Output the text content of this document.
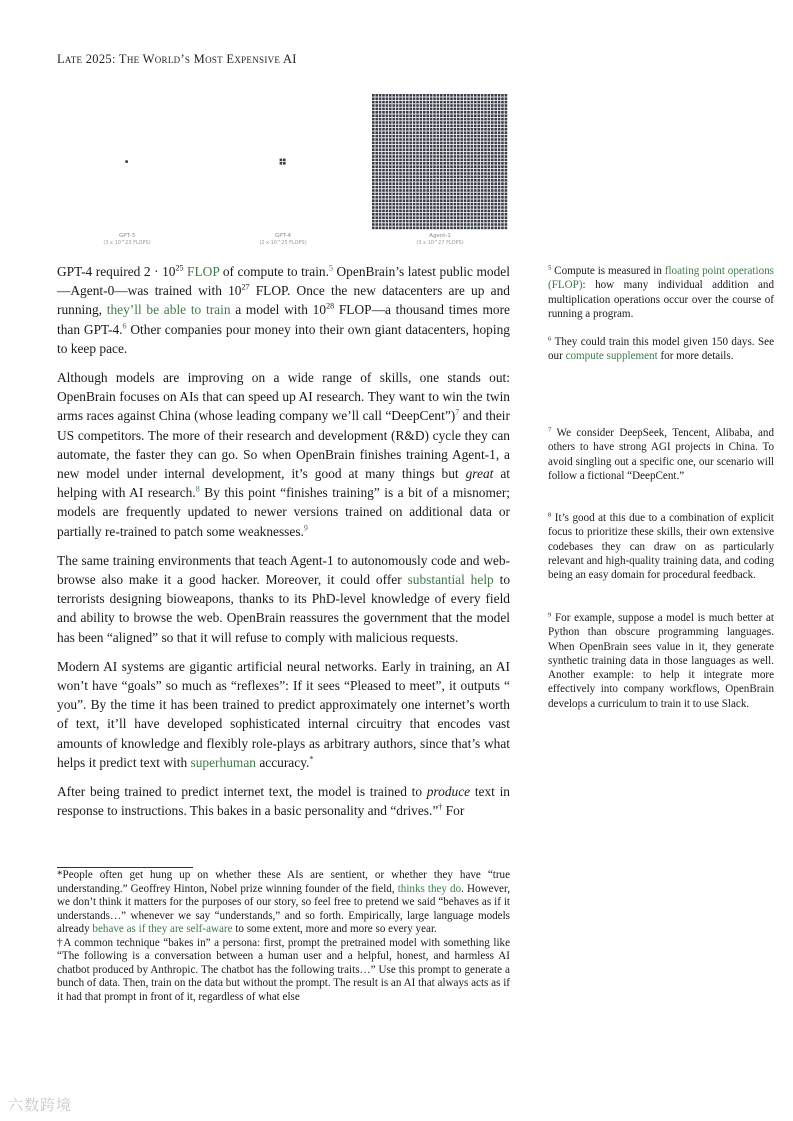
Late 2025: The World’s Most Expensive AI
GPT-3
(3 x 10^23 FLOPS)
GPT-4
(2 x 10^25 FLOPS)
Agent-1
(3 x 10^27 FLOPS)

GPT-4 required 2 · 10$^{25}$ FLOP of compute to train.$^5$ OpenBrain’s latest public model—Agent-0—was trained with 10$^{27}$ FLOP. Once the new datacenters are up and running, they’ll be able to train a model with 10$^{28}$ FLOP—a thousand times more than GPT-4.$^6$ Other companies pour money into their own giant datacenters, hoping to keep pace.

Although models are improving on a wide range of skills, one stands out: OpenBrain focuses on AIs that can speed up AI research. They want to win the twin arms races against China (whose leading company we’ll call “DeepCent”)$^7$ and their US competitors. The more of their research and development (R&D) cycle they can automate, the faster they can go. So when OpenBrain finishes training Agent-1, a new model under internal development, it’s good at many things but great at helping with AI research.$^8$ By this point “finishes training” is a bit of a misnomer; models are frequently updated to newer versions trained on additional data or partially re-trained to patch some weaknesses.$^9$

The same training environments that teach Agent-1 to autonomously code and web-browse also make it a good hacker. Moreover, it could offer substantial help to terrorists designing bioweapons, thanks to its PhD-level knowledge of every field and ability to browse the web. OpenBrain reassures the government that the model has been “aligned” so that it will refuse to comply with malicious requests.

Modern AI systems are gigantic artificial neural networks. Early in training, an AI won’t have “goals” so much as “reflexes”: If it sees “Pleased to meet”, it outputs “ you”. By the time it has been trained to predict approximately one internet’s worth of text, it’ll have developed sophisticated internal circuitry that encodes vast amounts of knowledge and flexibly role-plays as arbitrary authors, since that’s what helps it predict text with superhuman accuracy.*

After being trained to predict internet text, the model is trained to produce text in response to instructions. This bakes in a basic personality and “drives.”† For

$^5$ Compute is measured in floating point operations (FLOP): how many individual addition and multiplication operations occur over the course of running a program.
$^6$ They could train this model given 150 days. See our compute supplement for more details.
$^7$ We consider DeepSeek, Tencent, Alibaba, and others to have strong AGI projects in China. To avoid singling out a specific one, our scenario will follow a fictional “DeepCent.”
$^8$ It’s good at this due to a combination of explicit focus to prioritize these skills, their own extensive codebases they can draw on as particularly relevant and high-quality training data, and coding being an easy domain for procedural feedback.
$^9$ For example, suppose a model is much better at Python than obscure programming languages. When OpenBrain sees value in it, they generate synthetic training data in those languages as well. Another example: to help it integrate more effectively into company workflows, OpenBrain develops a curriculum to train it to use Slack.

*People often get hung up on whether these AIs are sentient, or whether they have “true understanding.” Geoffrey Hinton, Nobel prize winning founder of the field, thinks they do. However, we don’t think it matters for the purposes of our story, so feel free to pretend we said “behaves as if it understands…” whenever we say “understands,” and so forth. Empirically, large language models already behave as if they are self-aware to some extent, more and more so every year.

†A common technique “bakes in” a persona: first, prompt the pretrained model with something like “The following is a conversation between a human user and a helpful, honest, and harmless AI chatbot produced by Anthropic. The chatbot has the following traits…” Use this prompt to generate a bunch of data. Then, train on the data but without the prompt. The result is an AI that always acts as if it had that prompt in front of it, regardless of what else

六数跨境
